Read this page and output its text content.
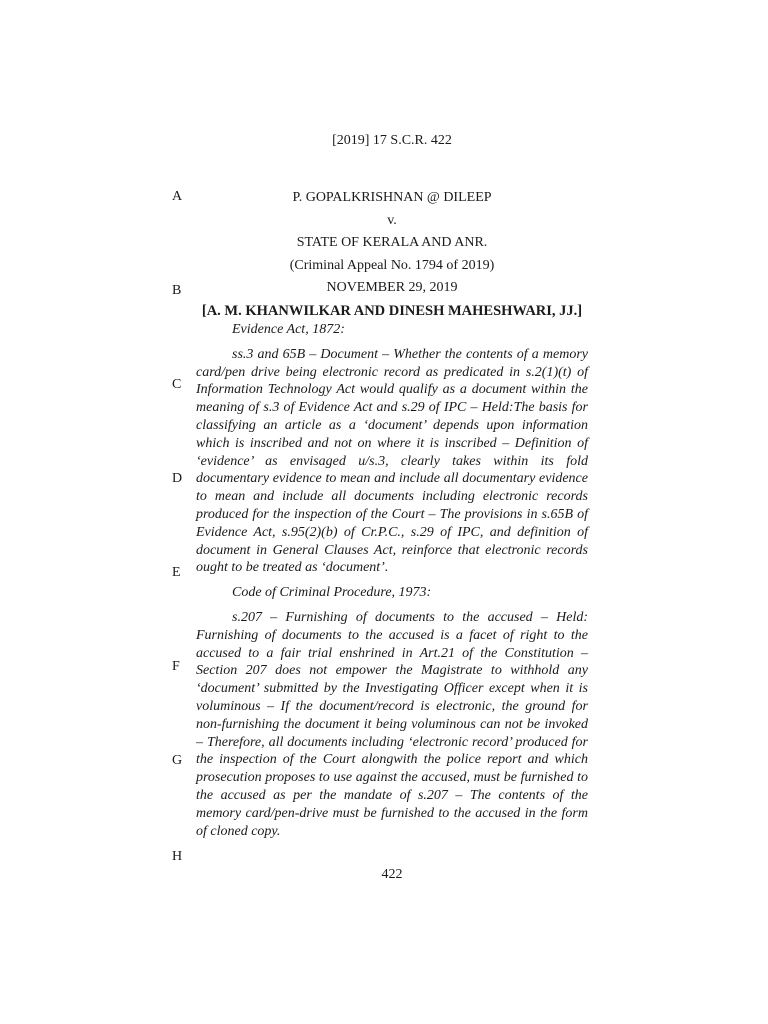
[2019] 17 S.C.R. 422
P. GOPALKRISHNAN @ DILEEP
v.
STATE OF KERALA AND ANR.
(Criminal Appeal No. 1794 of 2019)
NOVEMBER 29, 2019
[A. M. KHANWILKAR AND DINESH MAHESHWARI, JJ.]

Evidence Act, 1872:

ss.3 and 65B – Document – Whether the contents of a memory card/pen drive being electronic record as predicated in s.2(1)(t) of Information Technology Act would qualify as a document within the meaning of s.3 of Evidence Act and s.29 of IPC – Held:The basis for classifying an article as a ‘document’ depends upon information which is inscribed and not on where it is inscribed – Definition of ‘evidence’ as envisaged u/s.3, clearly takes within its fold documentary evidence to mean and include all documentary evidence to mean and include all documents including electronic records produced for the inspection of the Court – The provisions in s.65B of Evidence Act, s.95(2)(b) of Cr.P.C., s.29 of IPC, and definition of document in General Clauses Act, reinforce that electronic records ought to be treated as ‘document’.

Code of Criminal Procedure, 1973:

s.207 – Furnishing of documents to the accused – Held: Furnishing of documents to the accused is a facet of right to the accused to a fair trial enshrined in Art.21 of the Constitution – Section 207 does not empower the Magistrate to withhold any ‘document’ submitted by the Investigating Officer except when it is voluminous – If the document/record is electronic, the ground for non-furnishing the document it being voluminous can not be invoked – Therefore, all documents including ‘electronic record’ produced for the inspection of the Court alongwith the police report and which prosecution proposes to use against the accused, must be furnished to the accused as per the mandate of s.207 – The contents of the memory card/pen-drive must be furnished to the accused in the form of cloned copy.

A
B
C
D
E
F
G
H
422
